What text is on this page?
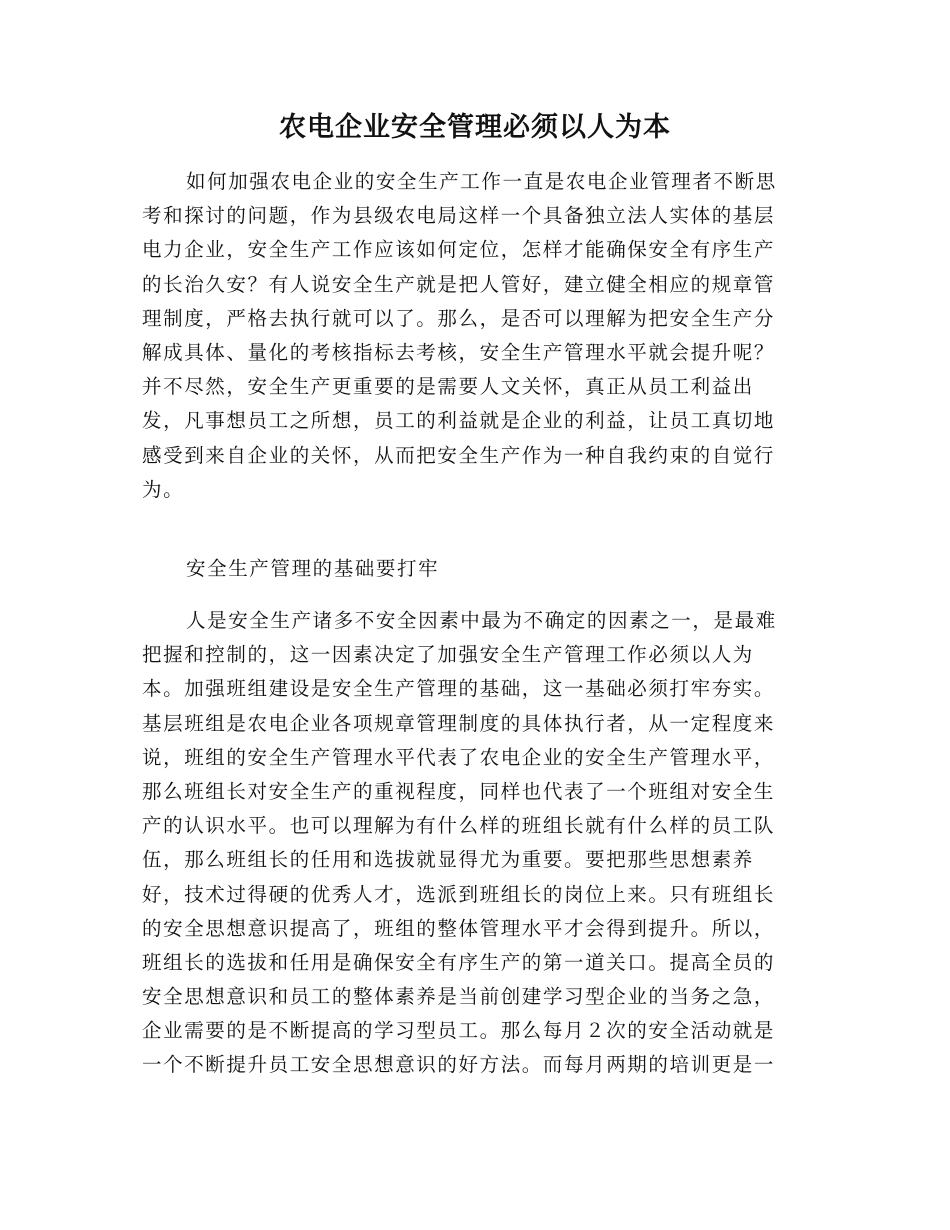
农电企业安全管理必须以人为本
如何加强农电企业的安全生产工作一直是农电企业管理者不断思
考和探讨的问题，作为县级农电局这样一个具备独立法人实体的基层
电力企业，安全生产工作应该如何定位，怎样才能确保安全有序生产
的长治久安？有人说安全生产就是把人管好，建立健全相应的规章管
理制度，严格去执行就可以了。那么，是否可以理解为把安全生产分
解成具体、量化的考核指标去考核，安全生产管理水平就会提升呢？
并不尽然，安全生产更重要的是需要人文关怀，真正从员工利益出
发，凡事想员工之所想，员工的利益就是企业的利益，让员工真切地
感受到来自企业的关怀，从而把安全生产作为一种自我约束的自觉行
为。
安全生产管理的基础要打牢
人是安全生产诸多不安全因素中最为不确定的因素之一，是最难
把握和控制的，这一因素决定了加强安全生产管理工作必须以人为
本。加强班组建设是安全生产管理的基础，这一基础必须打牢夯实。
基层班组是农电企业各项规章管理制度的具体执行者，从一定程度来
说，班组的安全生产管理水平代表了农电企业的安全生产管理水平，
那么班组长对安全生产的重视程度，同样也代表了一个班组对安全生
产的认识水平。也可以理解为有什么样的班组长就有什么样的员工队
伍，那么班组长的任用和选拔就显得尤为重要。要把那些思想素养
好，技术过得硬的优秀人才，选派到班组长的岗位上来。只有班组长
的安全思想意识提高了，班组的整体管理水平才会得到提升。所以，
班组长的选拔和任用是确保安全有序生产的第一道关口。提高全员的
安全思想意识和员工的整体素养是当前创建学习型企业的当务之急，
企业需要的是不断提高的学习型员工。那么每月２次的安全活动就是
一个不断提升员工安全思想意识的好方法。而每月两期的培训更是一
